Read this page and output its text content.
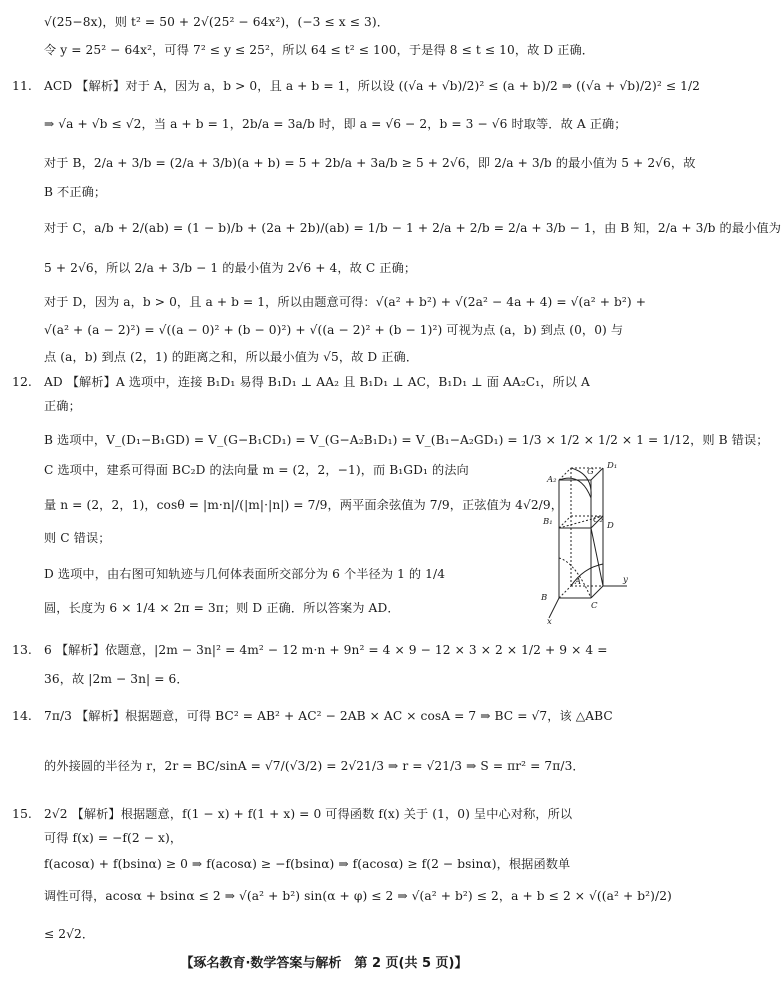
11.
12.
13.
14.
15.
√(25−8x)，则 t² = 50 + 2√(25² − 64x²)，(−3 ≤ x ≤ 3)．
令 y = 25² − 64x²，可得 7² ≤ y ≤ 25²，所以 64 ≤ t² ≤ 100，于是得 8 ≤ t ≤ 10，故 D 正确．
ACD 【解析】对于 A，因为 a，b > 0，且 a + b = 1，所以设 ((√a + √b)/2)² ≤ (a + b)/2 ⇒ ((√a + √b)/2)² ≤ 1/2
⇒ √a + √b ≤ √2，当 a + b = 1，2b/a = 3a/b 时，即 a = √6 − 2，b = 3 − √6 时取等．故 A 正确；
对于 B，2/a + 3/b = (2/a + 3/b)(a + b) = 5 + 2b/a + 3a/b ≥ 5 + 2√6，即 2/a + 3/b 的最小值为 5 + 2√6，故
B 不正确；
对于 C，a/b + 2/(ab) = (1 − b)/b + (2a + 2b)/(ab) = 1/b − 1 + 2/a + 2/b = 2/a + 3/b − 1，由 B 知，2/a + 3/b 的最小值为
5 + 2√6，所以 2/a + 3/b − 1 的最小值为 2√6 + 4，故 C 正确；
对于 D，因为 a，b > 0，且 a + b = 1，所以由题意可得：√(a² + b²) + √(2a² − 4a + 4) = √(a² + b²) +
√(a² + (a − 2)²) = √((a − 0)² + (b − 0)²) + √((a − 2)² + (b − 1)²) 可视为点 (a，b) 到点 (0，0) 与
点 (a，b) 到点 (2，1) 的距离之和，所以最小值为 √5，故 D 正确．
AD 【解析】A 选项中，连接 B₁D₁ 易得 B₁D₁ ⊥ AA₂ 且 B₁D₁ ⊥ AC，B₁D₁ ⊥ 面 AA₂C₁，所以 A
正确；
B 选项中，V_(D₁−B₁GD) = V_(G−B₁CD₁) = V_(G−A₂B₁D₁) = V_(B₁−A₂GD₁) = 1/3 × 1/2 × 1/2 × 1 = 1/12，则 B 错误；
C 选项中，建系可得面 BC₂D 的法向量 m = (2，2，−1)，而 B₁GD₁ 的法向
量 n = (2，2，1)，cosθ = |m·n|/(|m|·|n|) = 7/9，两平面余弦值为 7/9，正弦值为 4√2/9，
则 C 错误；
D 选项中，由右图可知轨迹与几何体表面所交部分为 6 个半径为 1 的 1/4
圆，长度为 6 × 1/4 × 2π = 3π；则 D 正确．所以答案为 AD．
6 【解析】依题意，|2m − 3n|² = 4m² − 12 m·n + 9n² = 4 × 9 − 12 × 3 × 2 × 1/2 + 9 × 4 =
36，故 |2m − 3n| = 6．
7π/3 【解析】根据题意，可得 BC² = AB² + AC² − 2AB × AC × cosA = 7 ⇒ BC = √7，该 △ABC
的外接圆的半径为 r，2r = BC/sinA = √7/(√3/2) = 2√21/3 ⇒ r = √21/3 ⇒ S = πr² = 7π/3．
2√2 【解析】根据题意，f(1 − x) + f(1 + x) = 0 可得函数 f(x) 关于 (1，0) 呈中心对称，所以
可得 f(x) = −f(2 − x)，
f(acosα) + f(bsinα) ≥ 0 ⇒ f(acosα) ≥ −f(bsinα) ⇒ f(acosα) ≥ f(2 − bsinα)，根据函数单
调性可得，acosα + bsinα ≤ 2 ⇒ √(a² + b²) sin(α + φ) ≤ 2 ⇒ √(a² + b²) ≤ 2，a + b ≤ 2 × √((a² + b²)/2)
≤ 2√2．
A₂
G
D₁
B₁	C₂
D
A
B
C
x
y
【琢名教育·数学答案与解析　第 2 页(共 5 页)】
